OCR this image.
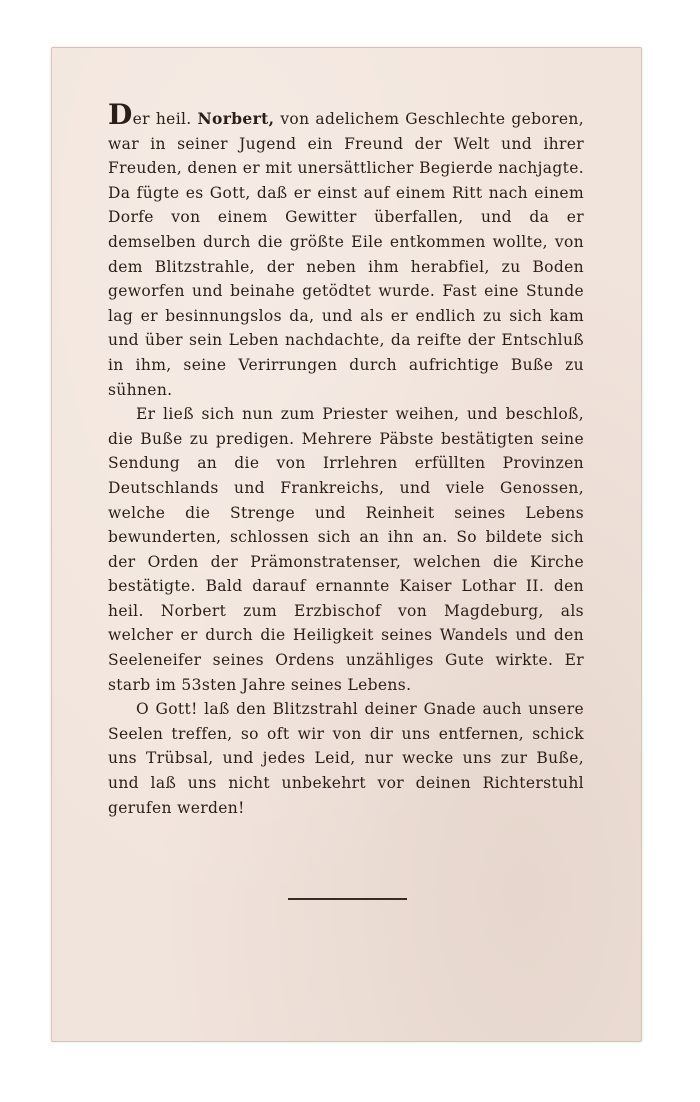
Der heil. Norbert, von adelichem Geschlechte geboren, war in seiner Jugend ein Freund der Welt und ihrer Freuden, denen er mit unersättlicher Begierde nachjagte. Da fügte es Gott, daß er einst auf einem Ritt nach einem Dorfe von einem Gewitter überfallen, und da er demselben durch die größte Eile entkommen wollte, von dem Blitzstrahle, der neben ihm herabfiel, zu Boden geworfen und beinahe getödtet wurde. Fast eine Stunde lag er besinnungslos da, und als er endlich zu sich kam und über sein Leben nachdachte, da reifte der Entschluß in ihm, seine Verirrungen durch aufrichtige Buße zu sühnen.

Er ließ sich nun zum Priester weihen, und beschloß, die Buße zu predigen. Mehrere Päbste bestätigten seine Sendung an die von Irrlehren erfüllten Provinzen Deutschlands und Frankreichs, und viele Genossen, welche die Strenge und Reinheit seines Lebens bewunderten, schlossen sich an ihn an. So bildete sich der Orden der Prämonstratenser, welchen die Kirche bestätigte. Bald darauf ernannte Kaiser Lothar II. den heil. Norbert zum Erzbischof von Magdeburg, als welcher er durch die Heiligkeit seines Wandels und den Seeleneifer seines Ordens unzähliges Gute wirkte. Er starb im 53sten Jahre seines Lebens.

O Gott! laß den Blitzstrahl deiner Gnade auch unsere Seelen treffen, so oft wir von dir uns entfernen, schick uns Trübsal, und jedes Leid, nur wecke uns zur Buße, und laß uns nicht unbekehrt vor deinen Richterstuhl gerufen werden!
